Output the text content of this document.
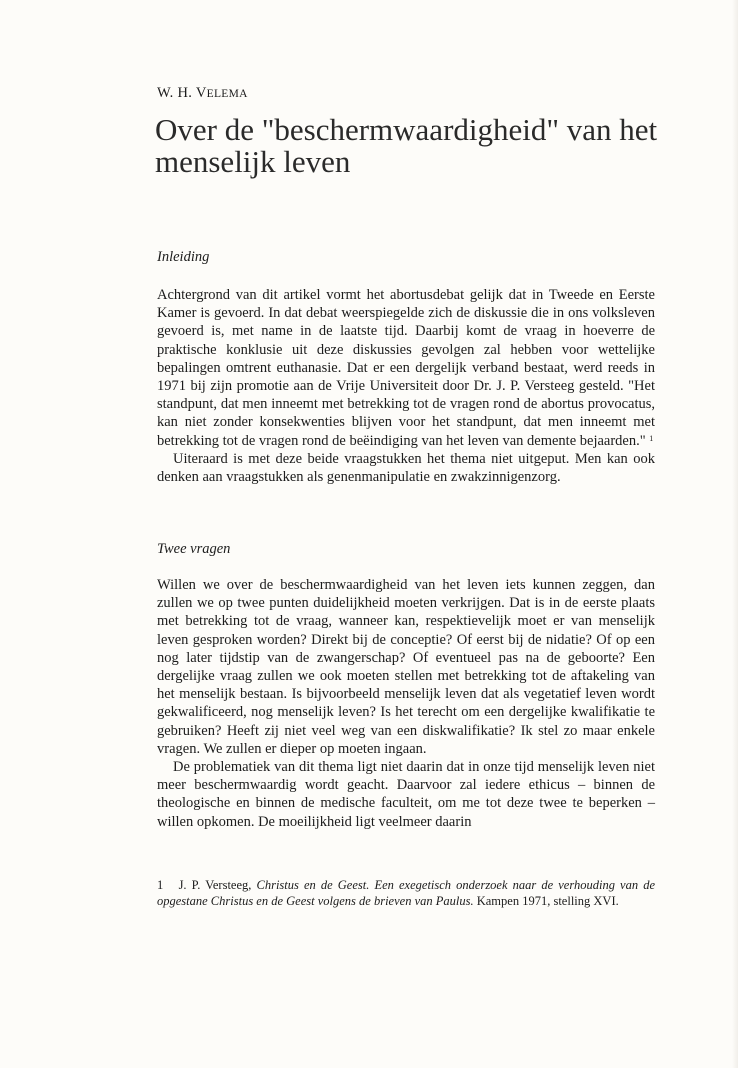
W. H. VELEMA
Over de "beschermwaardigheid" van het menselijk leven
Inleiding
Achtergrond van dit artikel vormt het abortusdebat gelijk dat in Tweede en Eerste Kamer is gevoerd. In dat debat weerspiegelde zich de diskussie die in ons volksleven gevoerd is, met name in de laatste tijd. Daarbij komt de vraag in hoeverre de praktische konklusie uit deze diskussies gevolgen zal hebben voor wettelijke bepalingen omtrent euthanasie. Dat er een dergelijk verband bestaat, werd reeds in 1971 bij zijn promotie aan de Vrije Universiteit door Dr. J. P. Versteeg gesteld. "Het standpunt, dat men inneemt met betrekking tot de vragen rond de abortus provocatus, kan niet zonder konsekwenties blijven voor het standpunt, dat men inneemt met betrekking tot de vragen rond de beëindiging van het leven van demente bejaarden." $^1$
Uiteraard is met deze beide vraagstukken het thema niet uitgeput. Men kan ook denken aan vraagstukken als genenmanipulatie en zwakzinnigenzorg.
Twee vragen
Willen we over de beschermwaardigheid van het leven iets kunnen zeggen, dan zullen we op twee punten duidelijkheid moeten verkrijgen. Dat is in de eerste plaats met betrekking tot de vraag, wanneer kan, respektievelijk moet er van menselijk leven gesproken worden? Direkt bij de conceptie? Of eerst bij de nidatie? Of op een nog later tijdstip van de zwangerschap? Of eventueel pas na de geboorte? Een dergelijke vraag zullen we ook moeten stellen met betrekking tot de aftakeling van het menselijk bestaan. Is bijvoorbeeld menselijk leven dat als vegetatief leven wordt gekwalificeerd, nog menselijk leven? Is het terecht om een dergelijke kwalifikatie te gebruiken? Heeft zij niet veel weg van een diskwalifikatie? Ik stel zo maar enkele vragen. We zullen er dieper op moeten ingaan.
De problematiek van dit thema ligt niet daarin dat in onze tijd menselijk leven niet meer beschermwaardig wordt geacht. Daarvoor zal iedere ethicus – binnen de theologische en binnen de medische faculteit, om me tot deze twee te beperken – willen opkomen. De moeilijkheid ligt veelmeer daarin
1 J. P. Versteeg, Christus en de Geest. Een exegetisch onderzoek naar de verhouding van de opgestane Christus en de Geest volgens de brieven van Paulus. Kampen 1971, stelling XVI.
